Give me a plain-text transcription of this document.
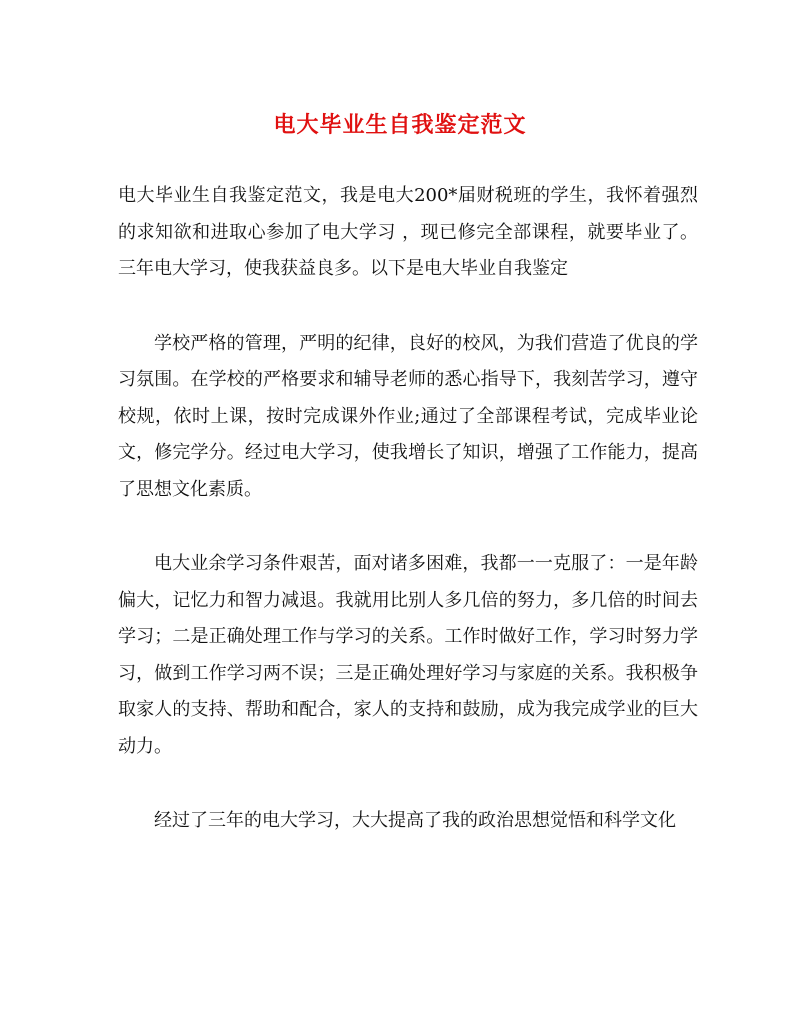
电大毕业生自我鉴定范文

电大毕业生自我鉴定范文，我是电大200*届财税班的学生，我怀着强烈的求知欲和进取心参加了电大学习 ，现已修完全部课程，就要毕业了。三年电大学习，使我获益良多。以下是电大毕业自我鉴定

学校严格的管理，严明的纪律，良好的校风，为我们营造了优良的学习氛围。在学校的严格要求和辅导老师的悉心指导下，我刻苦学习，遵守校规，依时上课，按时完成课外作业;通过了全部课程考试，完成毕业论文，修完学分。经过电大学习，使我增长了知识，增强了工作能力，提高了思想文化素质。

电大业余学习条件艰苦，面对诸多困难，我都一一克服了：一是年龄偏大，记忆力和智力减退。我就用比别人多几倍的努力，多几倍的时间去学习；二是正确处理工作与学习的关系。工作时做好工作，学习时努力学习，做到工作学习两不误；三是正确处理好学习与家庭的关系。我积极争取家人的支持、帮助和配合，家人的支持和鼓励，成为我完成学业的巨大动力。

经过了三年的电大学习，大大提高了我的政治思想觉悟和科学文化
